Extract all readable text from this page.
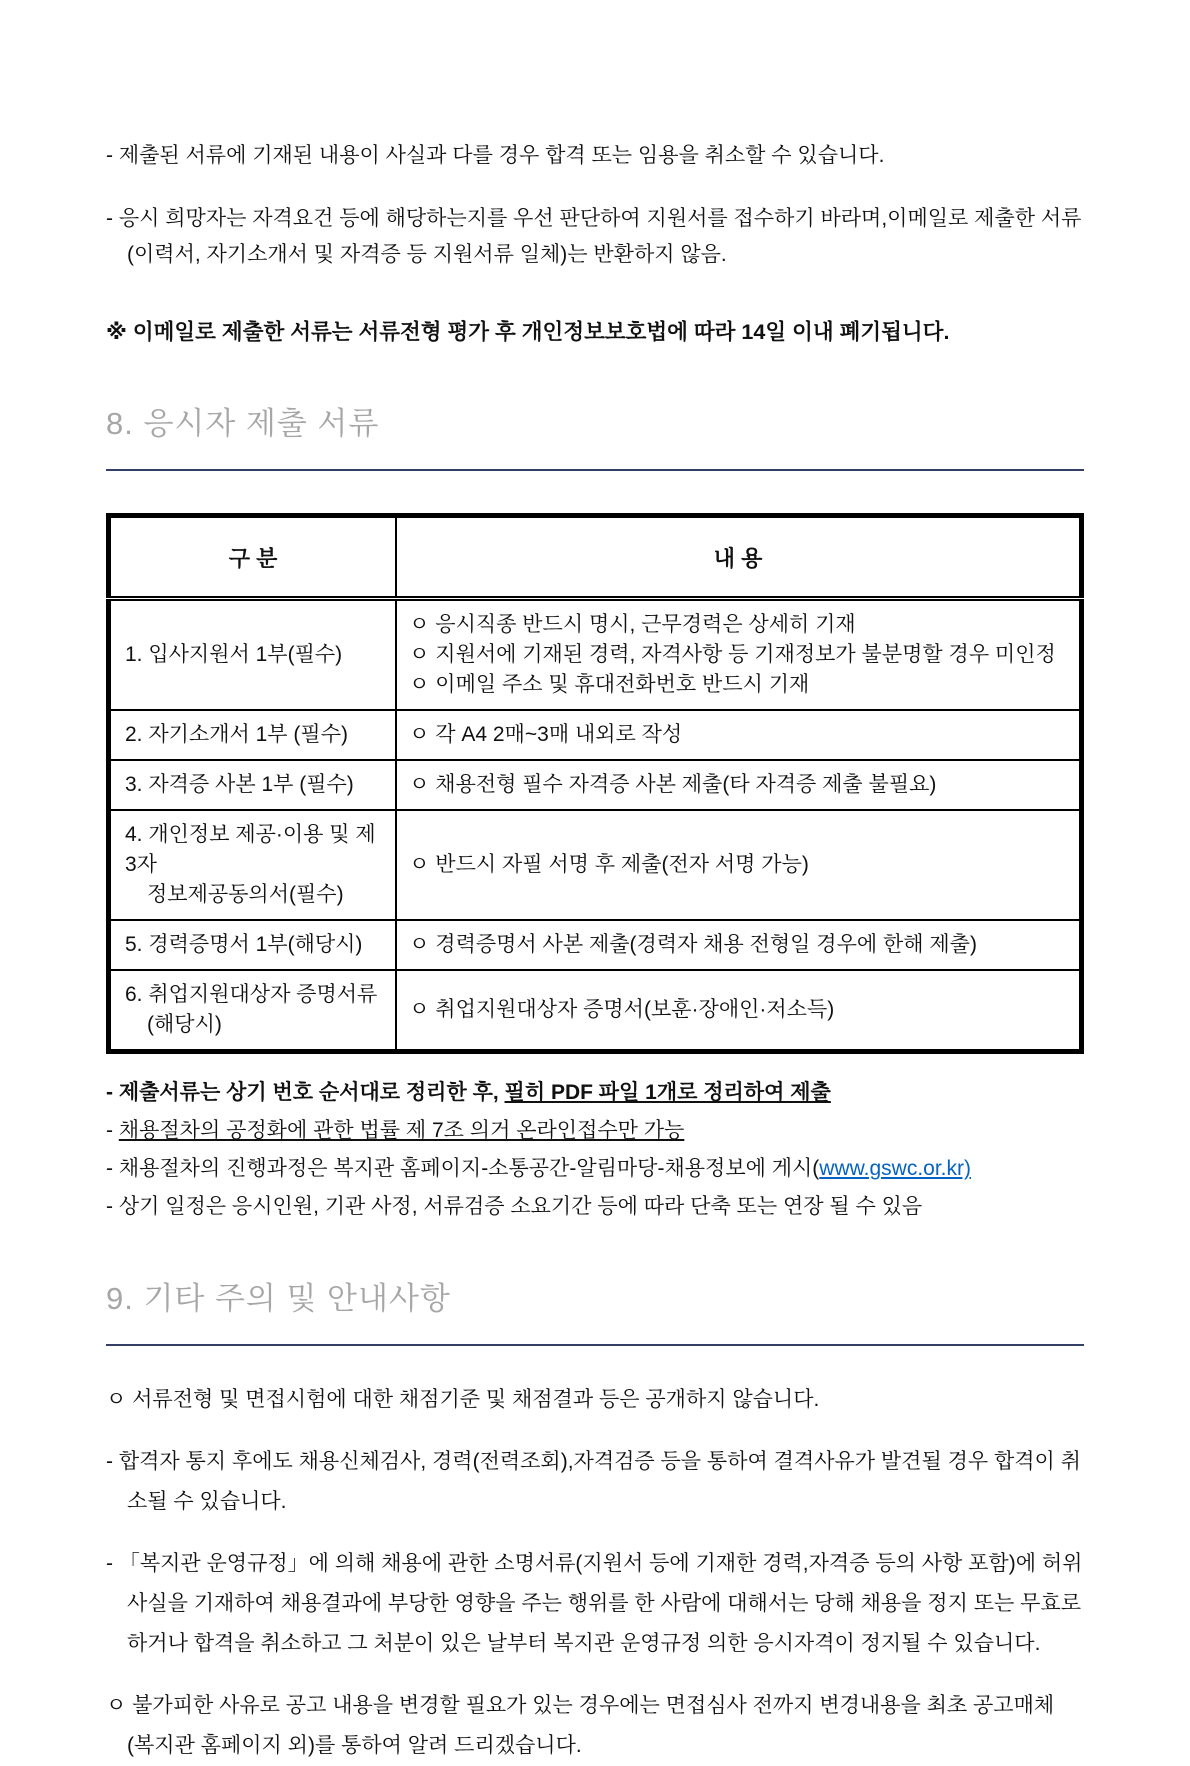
- 제출된 서류에 기재된 내용이 사실과 다를 경우 합격 또는 임용을 취소할 수 있습니다.

- 응시 희망자는 자격요건 등에 해당하는지를 우선 판단하여 지원서를 접수하기 바라며,이메일로 제출한 서류(이력서, 자기소개서 및 자격증 등 지원서류 일체)는 반환하지 않음.

※ 이메일로 제출한 서류는 서류전형 평가 후 개인정보보호법에 따라 14일 이내 폐기됩니다.

8. 응시자 제출 서류
구 분	내 용

1. 입사지원서 1부(필수)	ㅇ 응시직종 반드시 명시, 근무경력은 상세히 기재
ㅇ 지원서에 기재된 경력, 자격사항 등 기재정보가 불분명할 경우 미인정
ㅇ 이메일 주소 및 휴대전화번호 반드시 기재

2. 자기소개서 1부 (필수)	ㅇ 각 A4 2매~3매 내외로 작성

3. 자격증 사본 1부 (필수)	ㅇ 채용전형 필수 자격증 사본 제출(타 자격증 제출 불필요)

4. 개인정보 제공·이용 및 제3자
정보제공동의서(필수)	ㅇ 반드시 자필 서명 후 제출(전자 서명 가능)

5. 경력증명서 1부(해당시)	ㅇ 경력증명서 사본 제출(경력자 채용 전형일 경우에 한해 제출)

6. 취업지원대상자 증명서류
(해당시)	ㅇ 취업지원대상자 증명서(보훈·장애인·저소득)

- 제출서류는 상기 번호 순서대로 정리한 후, 필히 PDF 파일 1개로 정리하여 제출

- 채용절차의 공정화에 관한 법률 제 7조 의거 온라인접수만 가능

- 채용절차의 진행과정은 복지관 홈페이지-소통공간-알림마당-채용정보에 게시(www.gswc.or.kr)

- 상기 일정은 응시인원, 기관 사정, 서류검증 소요기간 등에 따라 단축 또는 연장 될 수 있음

9. 기타 주의 및 안내사항

ㅇ 서류전형 및 면접시험에 대한 채점기준 및 채점결과 등은 공개하지 않습니다.

- 합격자 통지 후에도 채용신체검사, 경력(전력조회),자격검증 등을 통하여 결격사유가 발견될 경우 합격이 취소될 수 있습니다.

- 「복지관 운영규정」에 의해 채용에 관한 소명서류(지원서 등에 기재한 경력,자격증 등의 사항 포함)에 허위 사실을 기재하여 채용결과에 부당한 영향을 주는 행위를 한 사람에 대해서는 당해 채용을 정지 또는 무효로 하거나 합격을 취소하고 그 처분이 있은 날부터 복지관 운영규정 의한 응시자격이 정지될 수 있습니다.

ㅇ 불가피한 사유로 공고 내용을 변경할 필요가 있는 경우에는 면접심사 전까지 변경내용을 최초 공고매체 (복지관 홈페이지 외)를 통하여 알려 드리겠습니다.
